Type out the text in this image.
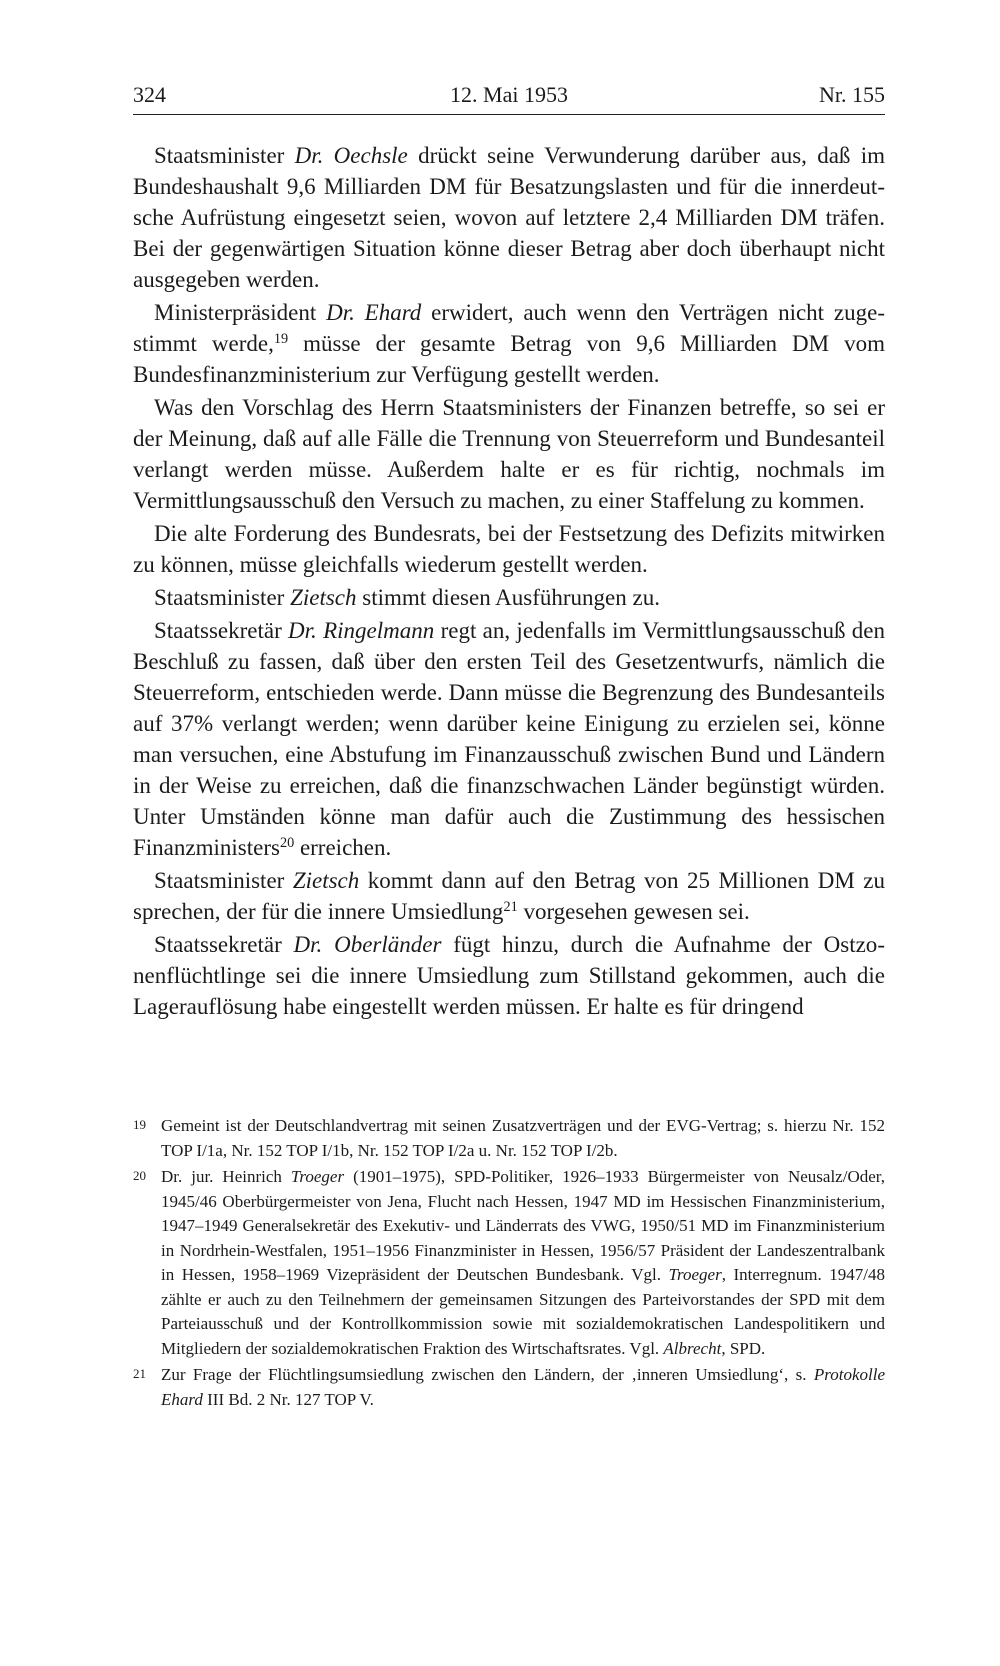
324	12. Mai 1953	Nr. 155

Staatsminister Dr. Oechsle drückt seine Verwunderung darüber aus, daß im Bundeshaushalt 9,6 Milliarden DM für Besatzungslasten und für die innerdeutsche Aufrüstung eingesetzt seien, wovon auf letztere 2,4 Milliarden DM träfen. Bei der gegenwärtigen Situation könne dieser Betrag aber doch überhaupt nicht ausgegeben werden.

Ministerpräsident Dr. Ehard erwidert, auch wenn den Verträgen nicht zugestimmt werde,$^{19}$ müsse der gesamte Betrag von 9,6 Milliarden DM vom Bundesfinanzministerium zur Verfügung gestellt werden.

Was den Vorschlag des Herrn Staatsministers der Finanzen betreffe, so sei er der Meinung, daß auf alle Fälle die Trennung von Steuerreform und Bundesanteil verlangt werden müsse. Außerdem halte er es für richtig, nochmals im Vermittlungsausschuß den Versuch zu machen, zu einer Staffelung zu kommen.

Die alte Forderung des Bundesrats, bei der Festsetzung des Defizits mitwirken zu können, müsse gleichfalls wiederum gestellt werden.

Staatsminister Zietsch stimmt diesen Ausführungen zu.

Staatssekretär Dr. Ringelmann regt an, jedenfalls im Vermittlungsausschuß den Beschluß zu fassen, daß über den ersten Teil des Gesetzentwurfs, nämlich die Steuerreform, entschieden werde. Dann müsse die Begrenzung des Bundesanteils auf 37% verlangt werden; wenn darüber keine Einigung zu erzielen sei, könne man versuchen, eine Abstufung im Finanzausschuß zwischen Bund und Ländern in der Weise zu erreichen, daß die finanzschwachen Länder begünstigt würden. Unter Umständen könne man dafür auch die Zustimmung des hessischen Finanzministers$^{20}$ erreichen.

Staatsminister Zietsch kommt dann auf den Betrag von 25 Millionen DM zu sprechen, der für die innere Umsiedlung$^{21}$ vorgesehen gewesen sei.

Staatssekretär Dr. Oberländer fügt hinzu, durch die Aufnahme der Ostzonenflüchtlinge sei die innere Umsiedlung zum Stillstand gekommen, auch die Lagerauflösung habe eingestellt werden müssen. Er halte es für dringend

19 Gemeint ist der Deutschlandvertrag mit seinen Zusatzverträgen und der EVG-Vertrag; s. hierzu Nr. 152 TOP I/1a, Nr. 152 TOP I/1b, Nr. 152 TOP I/2a u. Nr. 152 TOP I/2b.
20 Dr. jur. Heinrich Troeger (1901–1975), SPD-Politiker, 1926–1933 Bürgermeister von Neusalz/Oder, 1945/46 Oberbürgermeister von Jena, Flucht nach Hessen, 1947 MD im Hessischen Finanzministerium, 1947–1949 Generalsekretär des Exekutiv- und Länderrats des VWG, 1950/51 MD im Finanzministerium in Nordrhein-Westfalen, 1951–1956 Finanzminister in Hessen, 1956/57 Präsident der Landeszentralbank in Hessen, 1958–1969 Vizepräsident der Deutschen Bundesbank. Vgl. Troeger, Interregnum. 1947/48 zählte er auch zu den Teilnehmern der gemeinsamen Sitzungen des Parteivorstandes der SPD mit dem Parteiausschuß und der Kontrollkommission sowie mit sozialdemokratischen Landespolitikern und Mitgliedern der sozialdemokratischen Fraktion des Wirtschaftsrates. Vgl. Albrecht, SPD.
21 Zur Frage der Flüchtlingsumsiedlung zwischen den Ländern, der ‚inneren Umsiedlung‘, s. Protokolle Ehard III Bd. 2 Nr. 127 TOP V.
